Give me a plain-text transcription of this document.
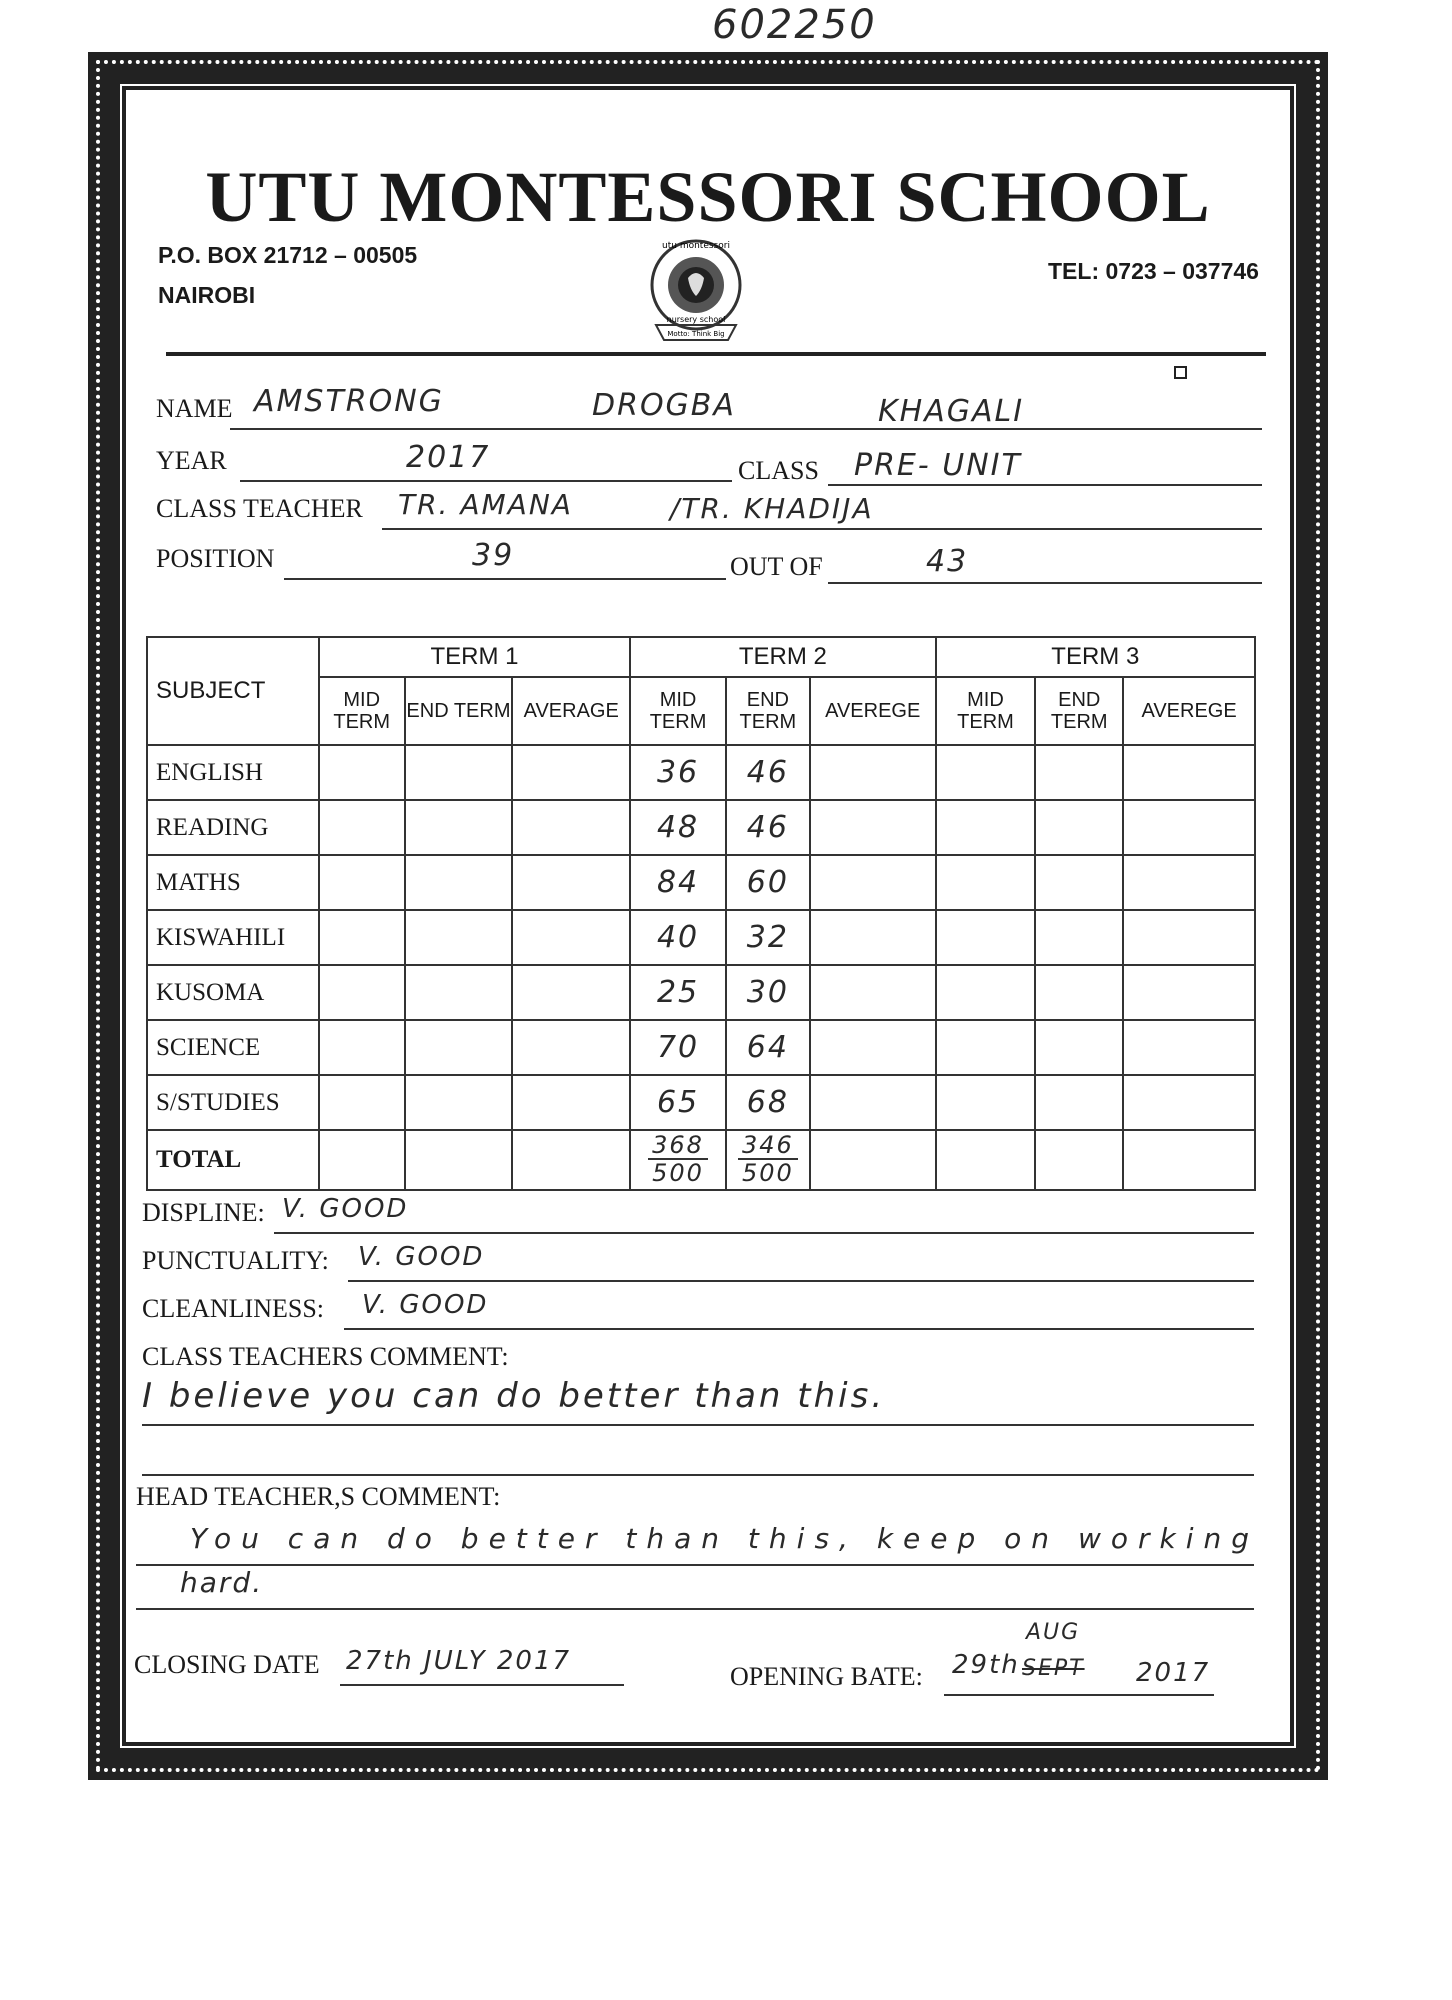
602250
UTU MONTESSORI SCHOOL
P.O. BOX 21712 – 00505
NAIROBI
TEL: 0723 – 037746
utu montessori
nursery school
Motto: Think Big
NAME AMSTRONG	DROGBA	KHAGALI
YEAR	2017	CLASS PRE- UNIT
CLASS TEACHER TR. AMANA	/TR. KHADIJA
POSITION	39	OUT OF	43
SUBJECT	TERM 1			TERM 2			TERM 3		
	MID TERM	END TERM	AVERAGE	MID TERM	END TERM	AVEREGE	MID TERM	END TERM	AVEREGE
ENGLISH				36	46				
READING				48	46				
MATHS				84	60				
KISWAHILI				40	32				
KUSOMA				25	30				
SCIENCE				70	64				
S/STUDIES				65	68				
TOTAL				$\frac{368}{500}$	$\frac{346}{500}$				
DISPLINE: V. GOOD
PUNCTUALITY: V. GOOD
CLEANLINESS: V. GOOD
CLASS TEACHERS COMMENT:
I believe you can do better than this.
HEAD TEACHER,S COMMENT:
You can do better than this, keep on working
hard.
CLOSING DATE 27th JULY 2017
OPENING BATE: 29th
AUG
SEPT 2017
